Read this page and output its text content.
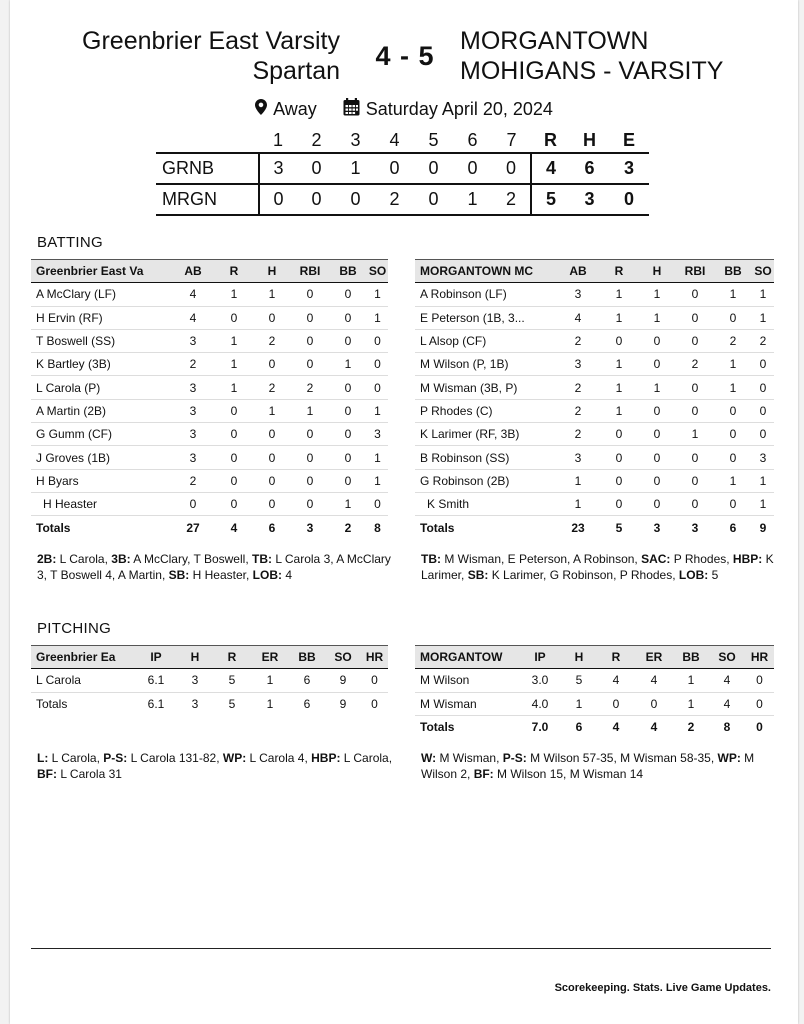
Greenbrier East Varsity
Spartan	4 - 5	MORGANTOWN
MOHIGANS - VARSITY
Away	Saturday April 20, 2024
	1	2	3	4	5	6	7	R	H	E
GRNB	3	0	1	0	0	0	0	4	6	3
MRGN	0	0	0	2	0	1	2	5	3	0
BATTING
Greenbrier East Va	AB	R	H	RBI	BB	SO
A McClary (LF)	4	1	1	0	0	1
H Ervin (RF)	4	0	0	0	0	1
T Boswell (SS)	3	1	2	0	0	0
K Bartley (3B)	2	1	0	0	1	0
L Carola (P)	3	1	2	2	0	0
A Martin (2B)	3	0	1	1	0	1
G Gumm (CF)	3	0	0	0	0	3
J Groves (1B)	3	0	0	0	0	1
H Byars	2	0	0	0	0	1
H Heaster	0	0	0	0	1	0
Totals	27	4	6	3	2	8
MORGANTOWN MC	AB	R	H	RBI	BB	SO
A Robinson (LF)	3	1	1	0	1	1
E Peterson (1B, 3...	4	1	1	0	0	1
L Alsop (CF)	2	0	0	0	2	2
M Wilson (P, 1B)	3	1	0	2	1	0
M Wisman (3B, P)	2	1	1	0	1	0
P Rhodes (C)	2	1	0	0	0	0
K Larimer (RF, 3B)	2	0	0	1	0	0
B Robinson (SS)	3	0	0	0	0	3
G Robinson (2B)	1	0	0	0	1	1
K Smith	1	0	0	0	0	1
Totals	23	5	3	3	6	9
2B: L Carola, 3B: A McClary, T Boswell, TB: L Carola 3, A McClary 3, T Boswell 4, A Martin, SB: H Heaster, LOB: 4
TB: M Wisman, E Peterson, A Robinson, SAC: P Rhodes, HBP: K Larimer, SB: K Larimer, G Robinson, P Rhodes, LOB: 5
PITCHING
Greenbrier Ea	IP	H	R	ER	BB	SO	HR
L Carola	6.1	3	5	1	6	9	0
Totals	6.1	3	5	1	6	9	0
MORGANTOW	IP	H	R	ER	BB	SO	HR
M Wilson	3.0	5	4	4	1	4	0
M Wisman	4.0	1	0	0	1	4	0
Totals	7.0	6	4	4	2	8	0
L: L Carola, P-S: L Carola 131-82, WP: L Carola 4, HBP: L Carola, BF: L Carola 31
W: M Wisman, P-S: M Wilson 57-35, M Wisman 58-35, WP: M Wilson 2, BF: M Wilson 15, M Wisman 14
Scorekeeping. Stats. Live Game Updates.
